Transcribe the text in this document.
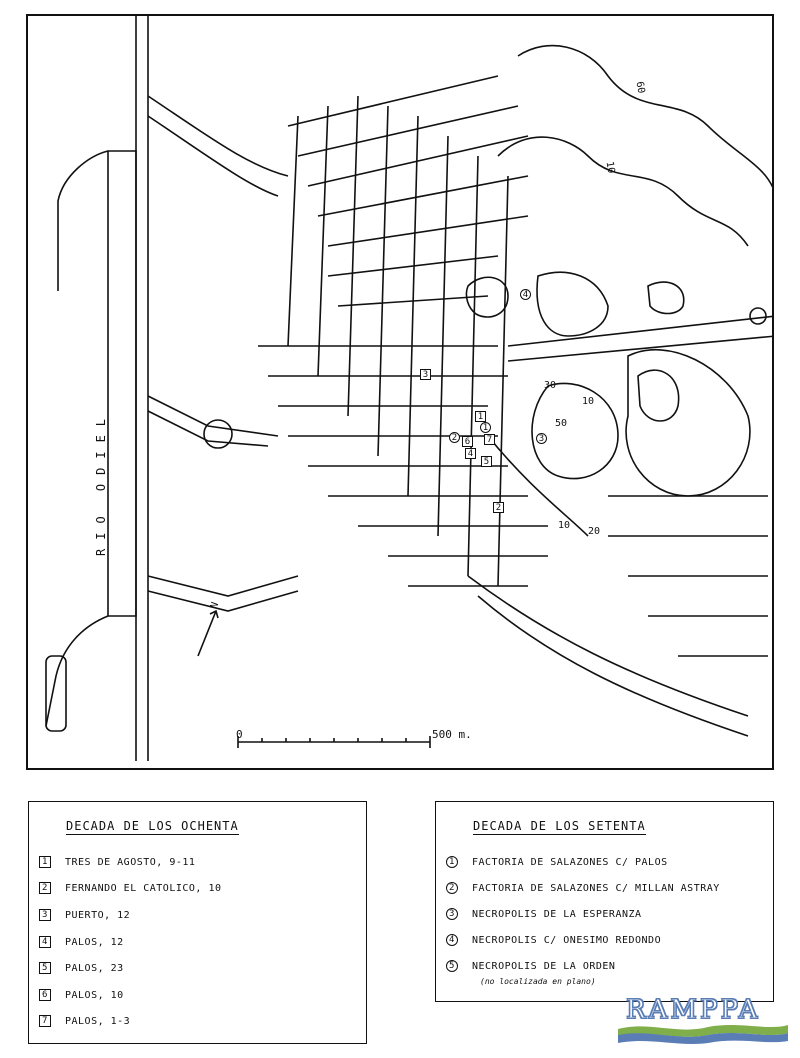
RIO ODIEL
0	500 m.
N
60
10
30
10
50
10
20
1
2
3
4
5
6	7
1
2	3
4
DECADA DE LOS OCHENTA
1	TRES DE AGOSTO, 9-11
2	FERNANDO EL CATOLICO, 10
3	PUERTO, 12
4	PALOS, 12
5	PALOS, 23
6	PALOS, 10
7	PALOS, 1-3
DECADA DE LOS SETENTA
1	FACTORIA DE SALAZONES C/ PALOS
2	FACTORIA DE SALAZONES C/ MILLAN ASTRAY
3	NECROPOLIS DE LA ESPERANZA
4	NECROPOLIS C/ ONESIMO REDONDO
5	NECROPOLIS DE LA ORDEN
(no localizada en plano)
RAMPPA
